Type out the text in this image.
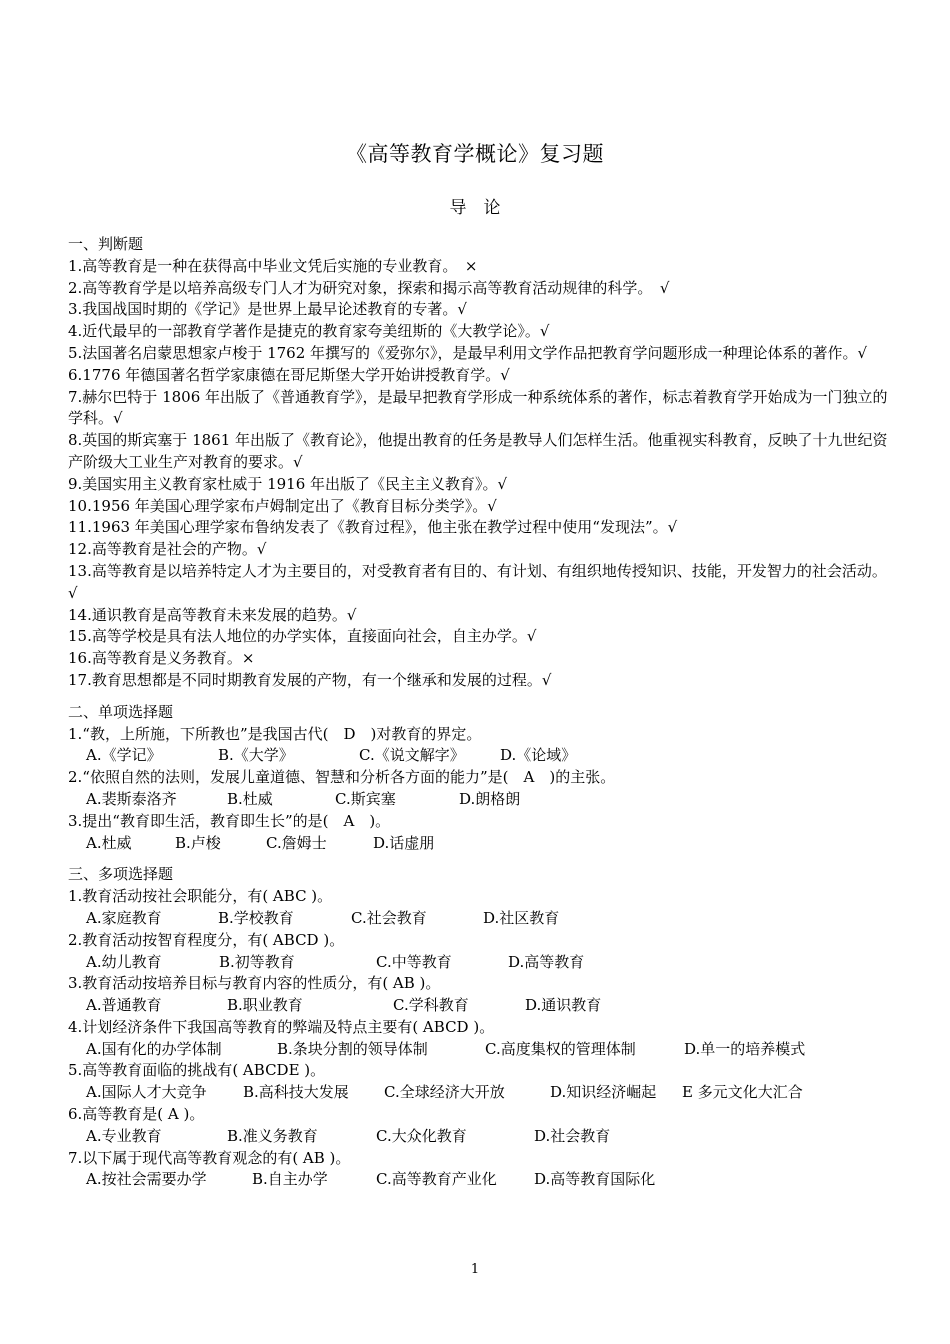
《高等教育学概论》复习题
导　论
一、判断题
1.高等教育是一种在获得高中毕业文凭后实施的专业教育。　×
2.高等教育学是以培养高级专门人才为研究对象，探索和揭示高等教育活动规律的科学。　√
3.我国战国时期的《学记》是世界上最早论述教育的专著。√
4.近代最早的一部教育学著作是捷克的教育家夸美纽斯的《大教学论》。√
5.法国著名启蒙思想家卢梭于 1762 年撰写的《爱弥尔》，是最早利用文学作品把教育学问题形成一种理论体系的著作。√
6.1776 年德国著名哲学家康德在哥尼斯堡大学开始讲授教育学。√
7.赫尔巴特于 1806 年出版了《普通教育学》，是最早把教育学形成一种系统体系的著作，标志着教育学开始成为一门独立的学科。√
8.英国的斯宾塞于 1861 年出版了《教育论》，他提出教育的任务是教导人们怎样生活。他重视实科教育，反映了十九世纪资产阶级大工业生产对教育的要求。√
9.美国实用主义教育家杜威于 1916 年出版了《民主主义教育》。√
10.1956 年美国心理学家布卢姆制定出了《教育目标分类学》。√
11.1963 年美国心理学家布鲁纳发表了《教育过程》，他主张在教学过程中使用“发现法”。√
12.高等教育是社会的产物。√
13.高等教育是以培养特定人才为主要目的，对受教育者有目的、有计划、有组织地传授知识、技能，开发智力的社会活动。√
14.通识教育是高等教育未来发展的趋势。√
15.高等学校是具有法人地位的办学实体，直接面向社会，自主办学。√
16.高等教育是义务教育。×
17.教育思想都是不同时期教育发展的产物，有一个继承和发展的过程。√
二、单项选择题
1.“教，上所施，下所教也”是我国古代(　D　)对教育的界定。
A.《学记》	B.《大学》	C.《说文解字》	D.《论域》
2.“依照自然的法则，发展儿童道德、智慧和分析各方面的能力”是(　A　)的主张。
A.裴斯泰洛齐	B.杜威	C.斯宾塞	D.朗格朗
3.提出“教育即生活，教育即生长”的是(　A　)。
A.杜威	B.卢梭	C.詹姆士	D.话虚朋
三、多项选择题
1.教育活动按社会职能分，有( ABC )。
A.家庭教育	B.学校教育	C.社会教育	D.社区教育
2.教育活动按智育程度分，有( ABCD )。
A.幼儿教育	B.初等教育	C.中等教育	D.高等教育
3.教育活动按培养目标与教育内容的性质分，有( AB )。
A.普通教育	B.职业教育	C.学科教育	D.通识教育
4.计划经济条件下我国高等教育的弊端及特点主要有( ABCD )。
A.国有化的办学体制	B.条块分割的领导体制	C.高度集权的管理体制	D.单一的培养模式
5.高等教育面临的挑战有( ABCDE )。
A.国际人才大竞争	B.高科技大发展	C.全球经济大开放	D.知识经济崛起	E 多元文化大汇合
6.高等教育是( A )。
A.专业教育	B.准义务教育	C.大众化教育	D.社会教育
7.以下属于现代高等教育观念的有( AB )。
A.按社会需要办学	B.自主办学	C.高等教育产业化	D.高等教育国际化
1
